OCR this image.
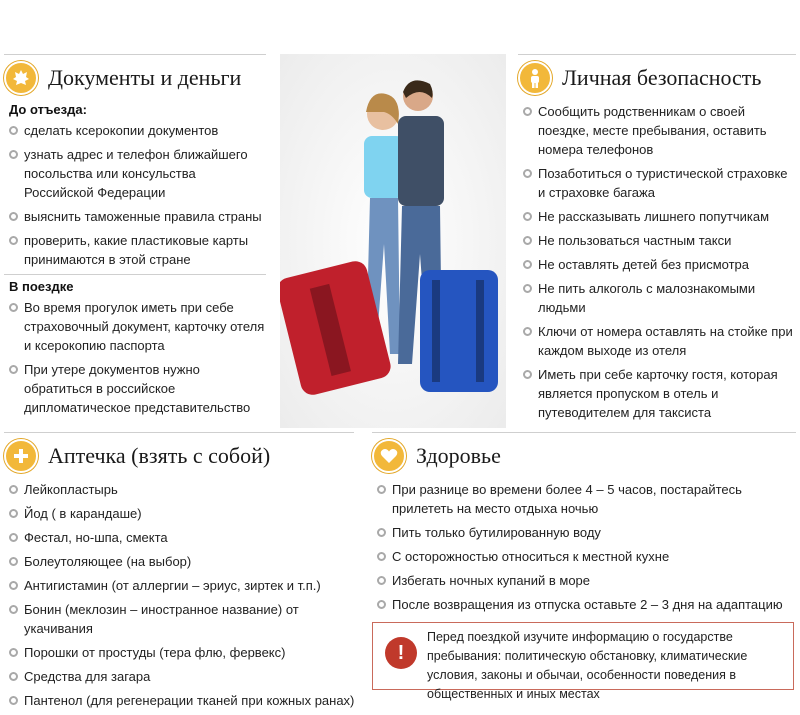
Документы и деньги
До отъезда:
сделать ксерокопии документов
узнать адрес и телефон ближайшего посольства или консульства Российской Федерации
выяснить таможенные правила страны
проверить, какие пластиковые карты принимаются в этой стране
В поездке
Во время прогулок иметь при себе страховочный документ, карточку отеля и ксерокопию паспорта
При утере документов нужно обратиться в российское дипломатическое представительство
Личная безопасность
Сообщить родственникам о своей поездке, месте пребывания, оставить номера телефонов
Позаботиться о туристической страховке и страховке багажа
Не рассказывать лишнего попутчикам
Не пользоваться частным такси
Не оставлять детей без присмотра
Не пить алкоголь с малознакомыми людьми
Ключи от номера оставлять на стойке при каждом выходе из отеля
Иметь при себе карточку гостя, которая является пропуском в отель и путеводителем для таксиста
Аптечка (взять с собой)
Лейкопластырь
Йод ( в карандаше)
Фестал, но-шпа, смекта
Болеутоляющее (на выбор)
Антигистамин (от аллергии – эриус, зиртек и т.п.)
Бонин (меклозин – иностранное название) от укачивания
Порошки от простуды (тера флю, фервекс)
Средства для загара
Пантенол (для регенерации тканей при кожных ранах)
Здоровье
При разнице во времени более 4 – 5 часов, постарайтесь прилететь на место отдыха ночью
Пить только бутилированную воду
С осторожностью относиться к местной кухне
Избегать ночных купаний в море
После возвращения из отпуска оставьте 2 – 3 дня на адаптацию
!
Перед поездкой изучите информацию о государстве пребывания: политическую обстановку, климатические условия, законы и обычаи, особенности поведения в общественных и иных местах
